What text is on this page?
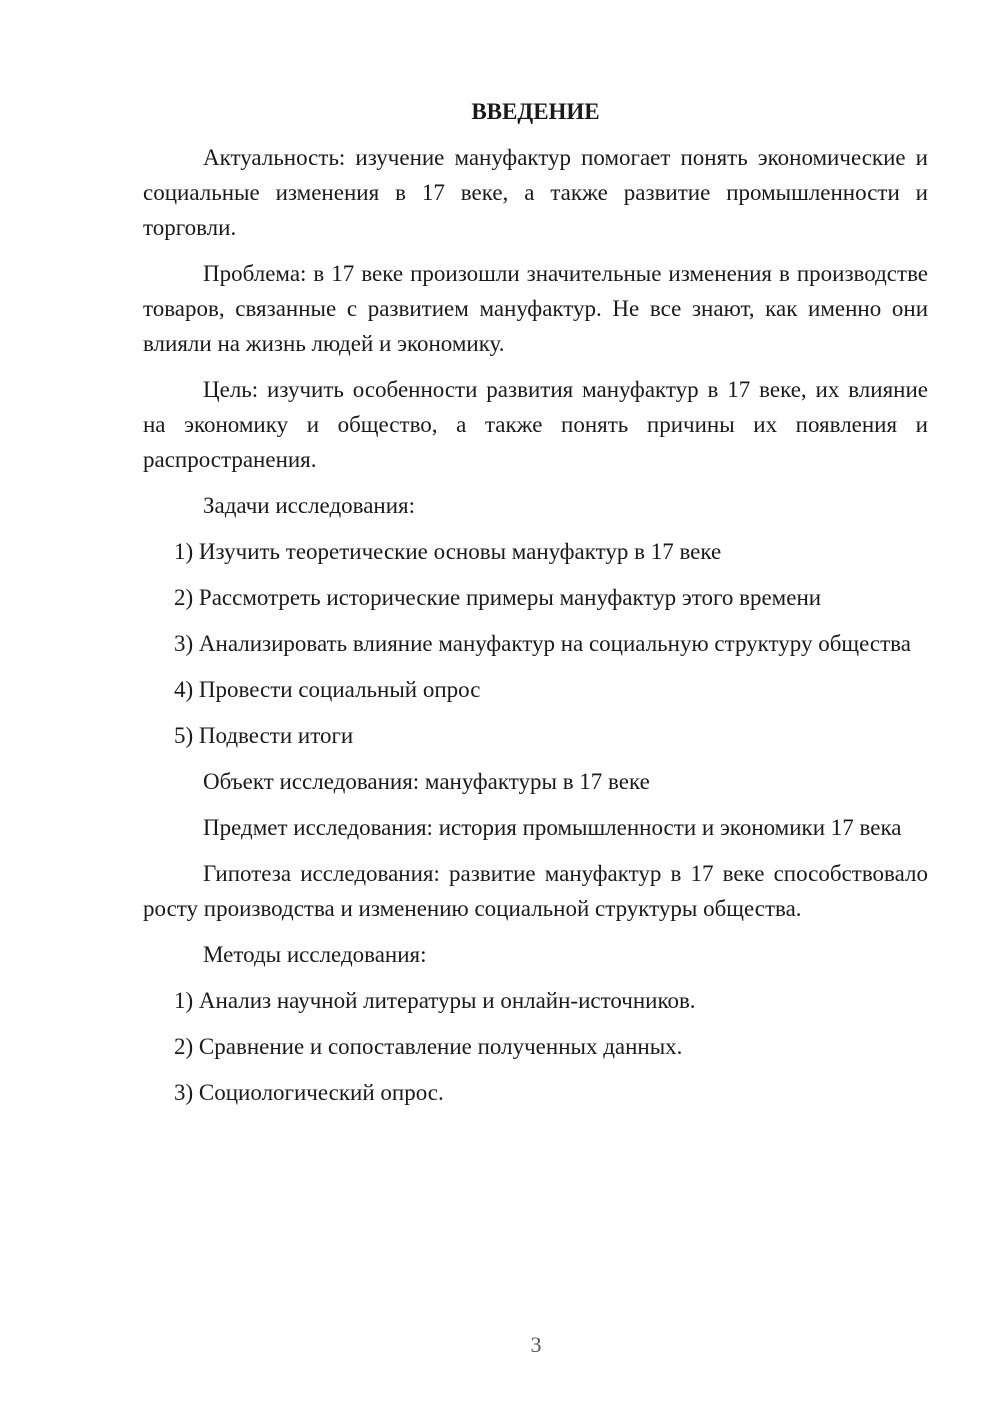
ВВЕДЕНИЕ

Актуальность: изучение мануфактур помогает понять экономические и социальные изменения в 17 веке, а также развитие промышленности и торговли.

Проблема: в 17 веке произошли значительные изменения в производстве товаров, связанные с развитием мануфактур. Не все знают, как именно они влияли на жизнь людей и экономику.

Цель: изучить особенности развития мануфактур в 17 веке, их влияние на экономику и общество, а также понять причины их появления и распространения.

Задачи исследования:

1) Изучить теоретические основы мануфактур в 17 веке

2) Рассмотреть исторические примеры мануфактур этого времени

3) Анализировать влияние мануфактур на социальную структуру общества

4) Провести социальный опрос

5) Подвести итоги

Объект исследования: мануфактуры в 17 веке

Предмет исследования: история промышленности и экономики 17 века

Гипотеза исследования: развитие мануфактур в 17 веке способствовало росту производства и изменению социальной структуры общества.

Методы исследования:

1) Анализ научной литературы и онлайн-источников.

2) Сравнение и сопоставление полученных данных.

3) Социологический опрос.

3
